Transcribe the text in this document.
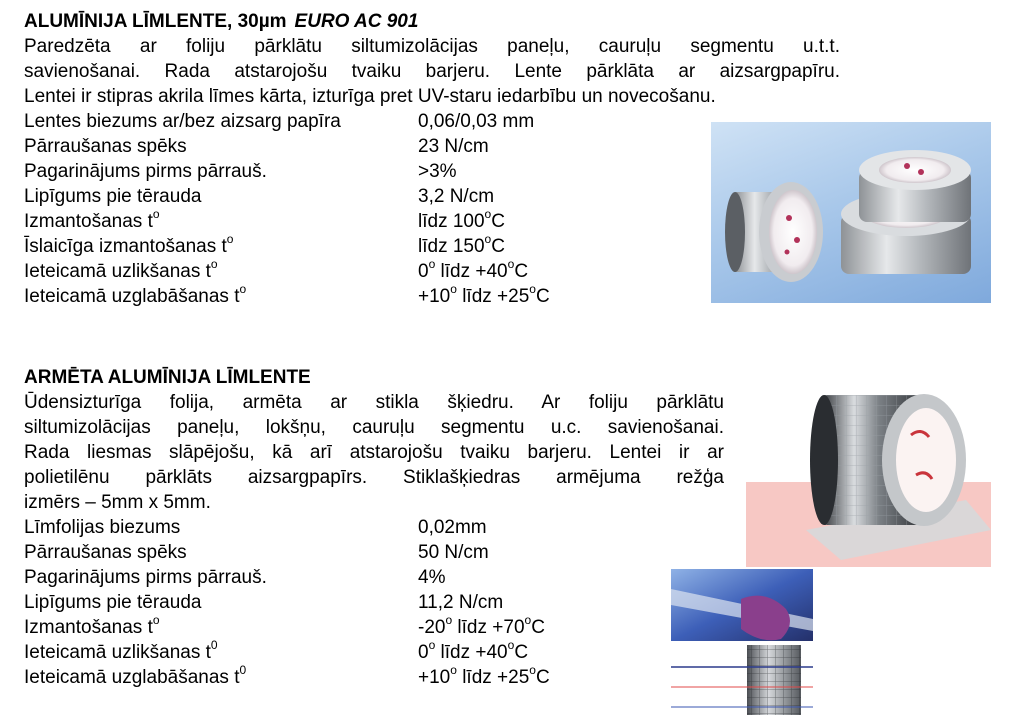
ALUMĪNIJA LĪMLENTE, 30µm EURO AC 901
Paredzēta ar foliju pārklātu siltumizolācijas paneļu, cauruļu segmentu u.t.t.
savienošanai. Rada atstarojošu tvaiku barjeru. Lente pārklāta ar aizsargpapīru.
Lentei ir stipras akrila līmes kārta, izturīga pret UV-staru iedarbību un novecošanu.
Lentes biezums ar/bez aizsarg papīra	0,06/0,03 mm
Pārraušanas spēks	23 N/cm
Pagarinājums pirms pārrauš.	>3%
Lipīgums pie tērauda	3,2 N/cm
Izmantošanas $t^o$	līdz 100$^o$C
Īslaicīga izmantošanas $t^o$	līdz 150$^o$C
Ieteicamā uzlikšanas $t^o$	0$^o$ līdz $+40^oC$
Ieteicamā uzglabāšanas $t^o$	$+10^o$ līdz $+25^oC$
ARMĒTA ALUMĪNIJA LĪMLENTE
Ūdensizturīga folija, armēta ar stikla šķiedru. Ar foliju pārklātu
siltumizolācijas paneļu, lokšņu, cauruļu segmentu u.c. savienošanai.
Rada liesmas slāpējošu, kā arī atstarojošu tvaiku barjeru. Lentei ir ar
polietilēnu pārklāts aizsargpapīrs. Stiklašķiedras armējuma režģa
izmērs – 5mm x 5mm.
Līmfolijas biezums	0,02mm
Pārraušanas spēks	50 N/cm
Pagarinājums pirms pārrauš.	4%
Lipīgums pie tērauda	11,2 N/cm
Izmantošanas $t^o$	-20$^o$ līdz $+70^oC$
Ieteicamā uzlikšanas $t^0$	0$^o$ līdz $+40^oC$
Ieteicamā uzglabāšanas $t^0$	$+10^o$ līdz $+25^oC$
